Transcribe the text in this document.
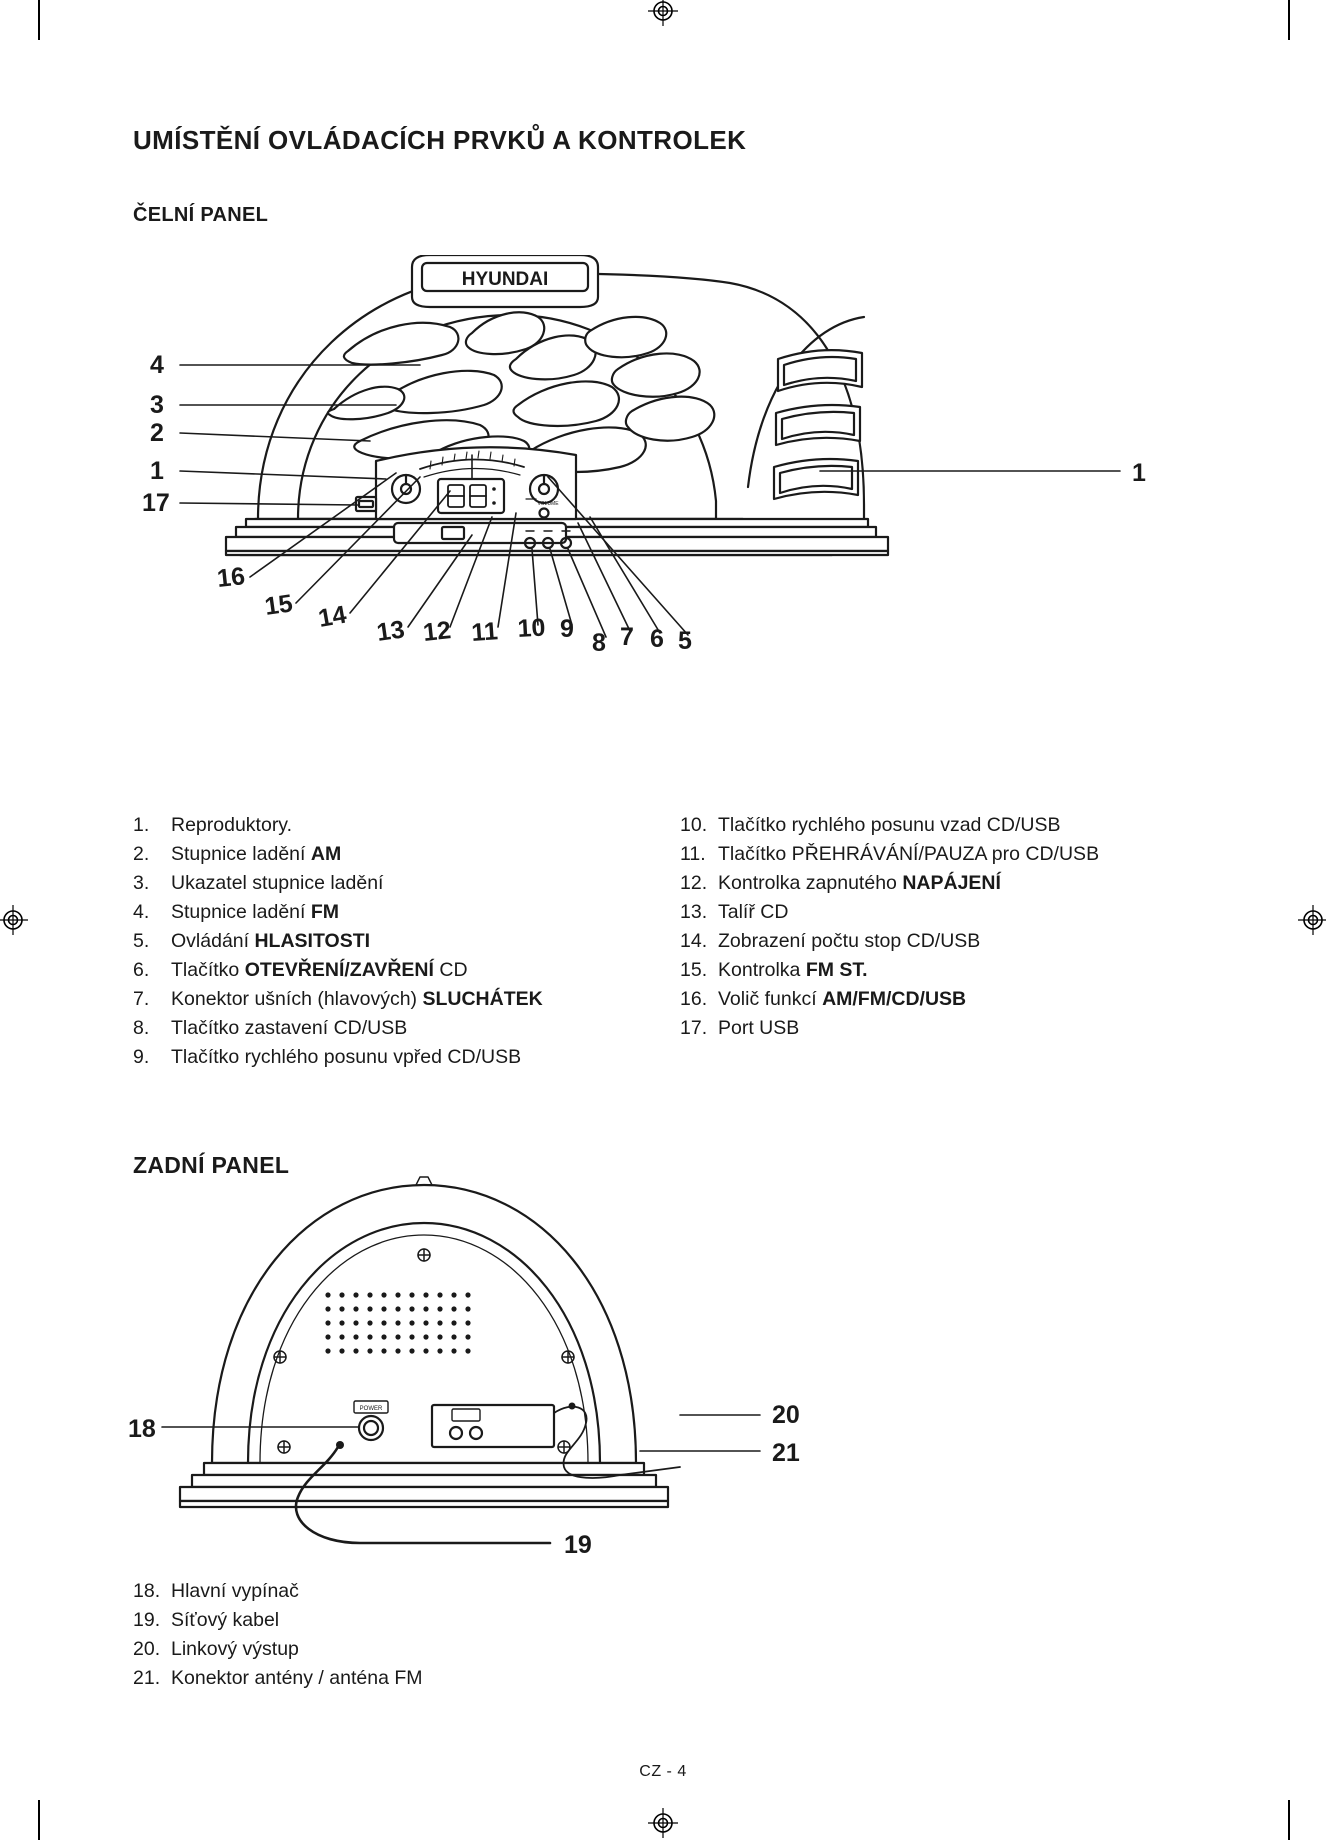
UMÍSTĚNÍ OVLÁDACÍCH PRVKŮ A KONTROLEK
ČELNÍ PANEL
HYUNDAI
VOLUME
4
3
2
1
17
1
16
15 14 13 12 11 10 9 8 7 6 5
1.	Reproduktory.
2.	Stupnice ladění AM
3.	Ukazatel stupnice ladění
4.	Stupnice ladění FM
5.	Ovládání HLASITOSTI
6.	Tlačítko OTEVŘENÍ/ZAVŘENÍ CD
7.	Konektor ušních (hlavových) SLUCHÁTEK
8.	Tlačítko zastavení CD/USB
9.	Tlačítko rychlého posunu vpřed CD/USB
10. Tlačítko rychlého posunu vzad CD/USB
11. Tlačítko PŘEHRÁVÁNÍ/PAUZA pro CD/USB
12. Kontrolka zapnutého NAPÁJENÍ
13. Talíř CD
14. Zobrazení počtu stop CD/USB
15. Kontrolka FM ST.
16. Volič funkcí AM/FM/CD/USB
17. Port USB
ZADNÍ PANEL
POWER
18	20
21
19
18. Hlavní vypínač
19. Síťový kabel
20. Linkový výstup
21. Konektor antény / anténa FM
CZ - 4
